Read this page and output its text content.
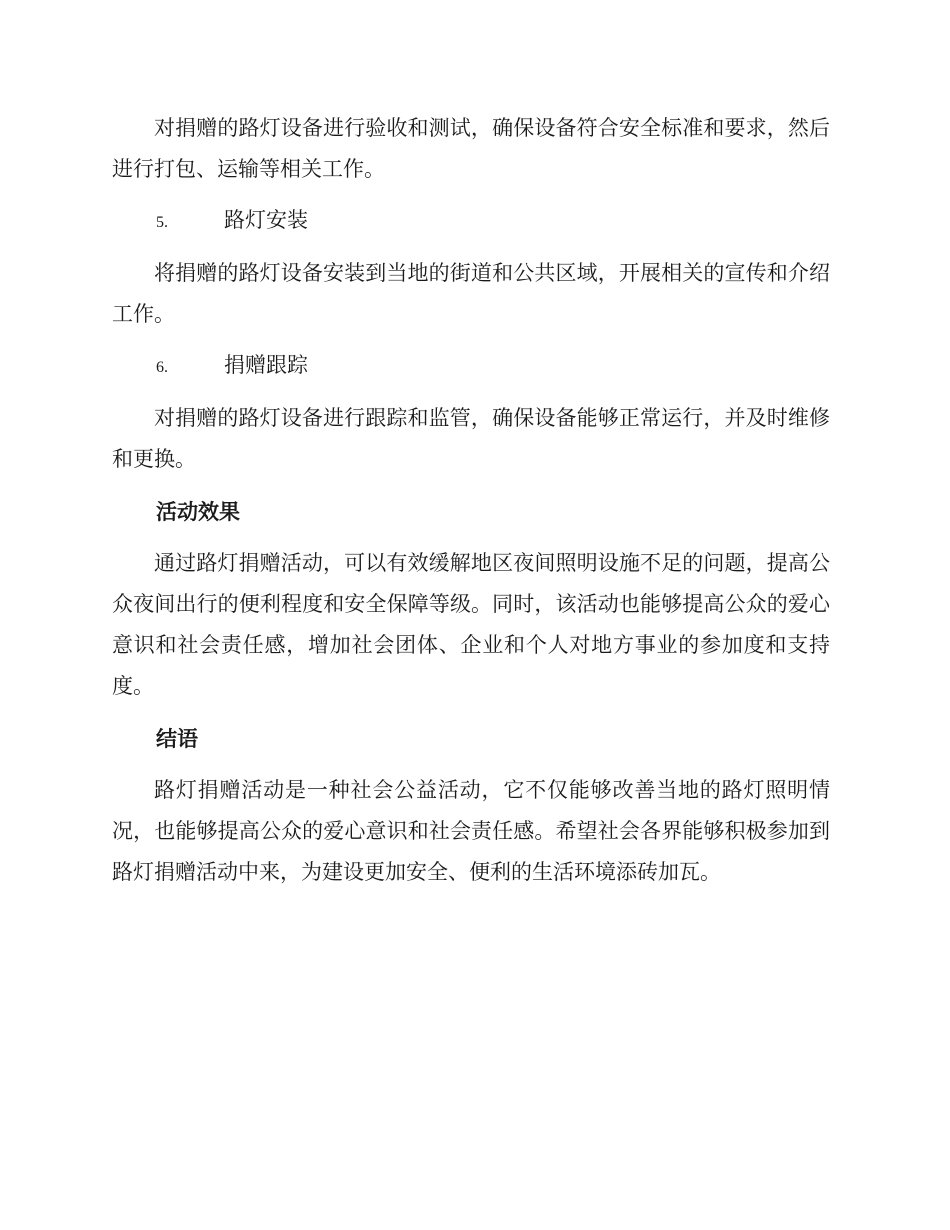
对捐赠的路灯设备进行验收和测试，确保设备符合安全标准和要求，然后进行打包、运输等相关工作。

5.	路灯安装

将捐赠的路灯设备安装到当地的街道和公共区域，开展相关的宣传和介绍工作。

6.	捐赠跟踪

对捐赠的路灯设备进行跟踪和监管，确保设备能够正常运行，并及时维修和更换。

活动效果

通过路灯捐赠活动，可以有效缓解地区夜间照明设施不足的问题，提高公众夜间出行的便利程度和安全保障等级。同时，该活动也能够提高公众的爱心意识和社会责任感，增加社会团体、企业和个人对地方事业的参加度和支持度。

结语

路灯捐赠活动是一种社会公益活动，它不仅能够改善当地的路灯照明情况，也能够提高公众的爱心意识和社会责任感。希望社会各界能够积极参加到路灯捐赠活动中来，为建设更加安全、便利的生活环境添砖加瓦。
